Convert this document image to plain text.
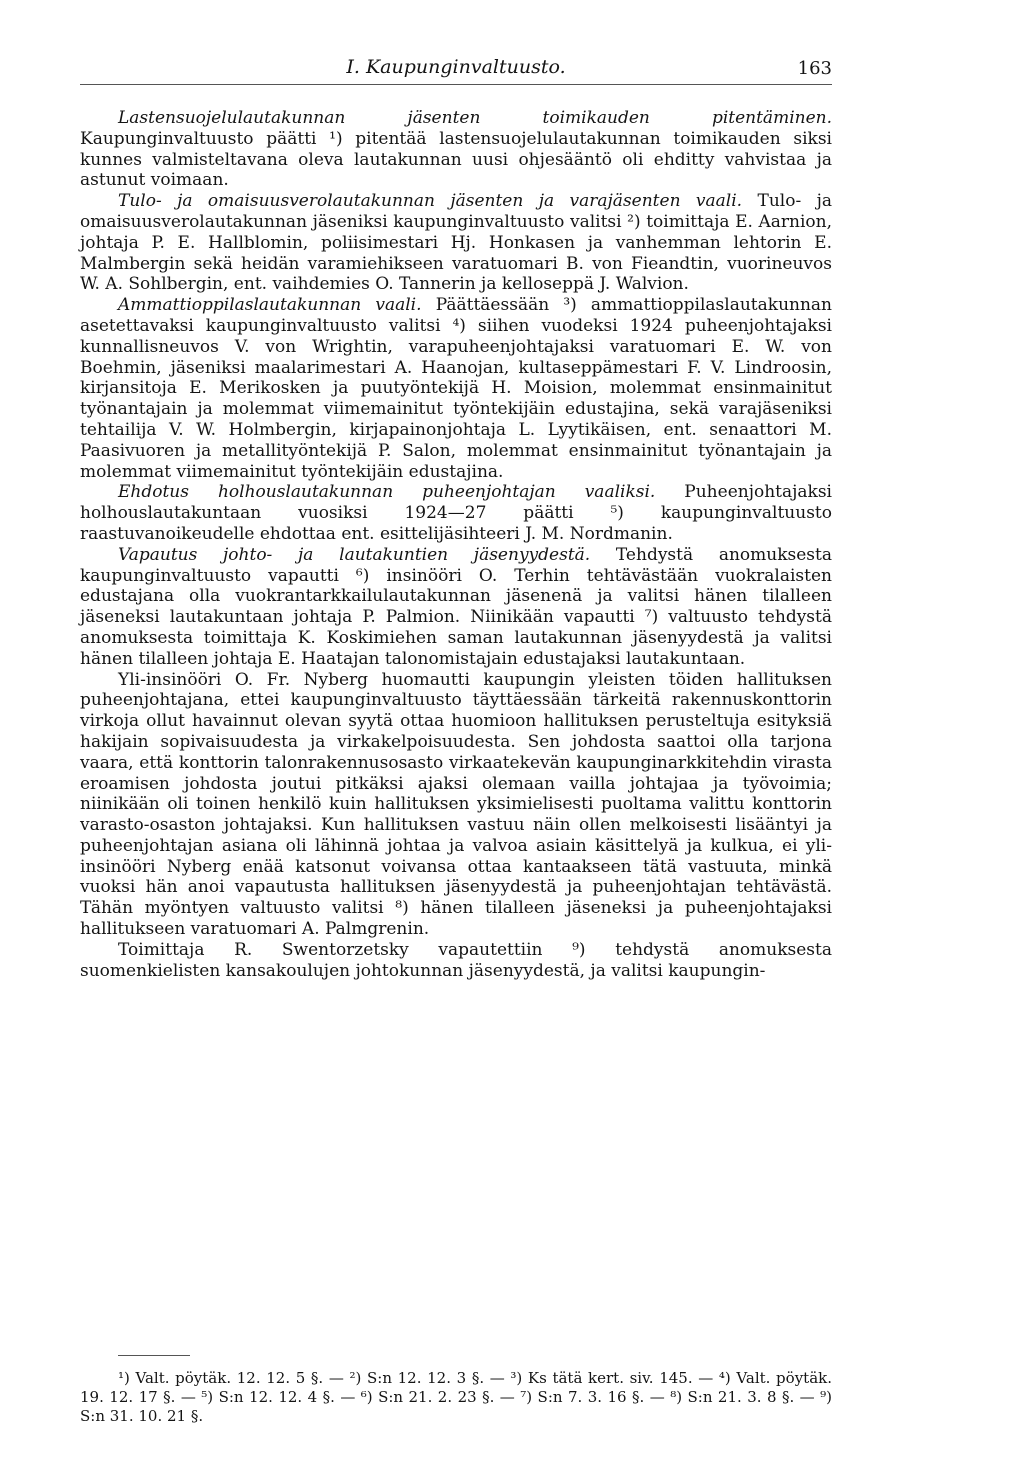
I. Kaupunginvaltuusto.	163

Lastensuojelulautakunnan jäsenten toimikauden pitentäminen. Kaupunginvaltuusto päätti ¹) pitentää lastensuojelulautakunnan toimikauden siksi kunnes valmisteltavana oleva lautakunnan uusi ohjesääntö oli ehditty vahvistaa ja astunut voimaan.

Tulo- ja omaisuusverolautakunnan jäsenten ja varajäsenten vaali. Tulo- ja omaisuusverolautakunnan jäseniksi kaupunginvaltuusto valitsi ²) toimittaja E. Aarnion, johtaja P. E. Hallblomin, poliisimestari Hj. Honkasen ja vanhemman lehtorin E. Malmbergin sekä heidän varamiehikseen varatuomari B. von Fieandtin, vuorineuvos W. A. Sohlbergin, ent. vaihdemies O. Tannerin ja kelloseppä J. Walvion.

Ammattioppilaslautakunnan vaali. Päättäessään ³) ammattioppilaslautakunnan asetettavaksi kaupunginvaltuusto valitsi ⁴) siihen vuodeksi 1924 puheenjohtajaksi kunnallisneuvos V. von Wrightin, varapuheenjohtajaksi varatuomari E. W. von Boehmin, jäseniksi maalarimestari A. Haanojan, kultaseppämestari F. V. Lindroosin, kirjansitoja E. Merikosken ja puutyöntekijä H. Moision, molemmat ensinmainitut työnantajain ja molemmat viimemainitut työntekijäin edustajina, sekä varajäseniksi tehtailija V. W. Holmbergin, kirjapainonjohtaja L. Lyytikäisen, ent. senaattori M. Paasivuoren ja metallityöntekijä P. Salon, molemmat ensinmainitut työnantajain ja molemmat viimemainitut työntekijäin edustajina.

Ehdotus holhouslautakunnan puheenjohtajan vaaliksi. Puheenjohtajaksi holhouslautakuntaan vuosiksi 1924—27 päätti ⁵) kaupunginvaltuusto raastuvanoikeudelle ehdottaa ent. esittelijäsihteeri J. M. Nordmanin.

Vapautus johto- ja lautakuntien jäsenyydestä. Tehdystä anomuksesta kaupunginvaltuusto vapautti ⁶) insinööri O. Terhin tehtävästään vuokralaisten edustajana olla vuokrantarkkailulautakunnan jäsenenä ja valitsi hänen tilalleen jäseneksi lautakuntaan johtaja P. Palmion. Niinikään vapautti ⁷) valtuusto tehdystä anomuksesta toimittaja K. Koskimiehen saman lautakunnan jäsenyydestä ja valitsi hänen tilalleen johtaja E. Haatajan talonomistajain edustajaksi lautakuntaan.

Yli-insinööri O. Fr. Nyberg huomautti kaupungin yleisten töiden hallituksen puheenjohtajana, ettei kaupunginvaltuusto täyttäessään tärkeitä rakennuskonttorin virkoja ollut havainnut olevan syytä ottaa huomioon hallituksen perusteltuja esityksiä hakijain sopivaisuudesta ja virkakelpoisuudesta. Sen johdosta saattoi olla tarjona vaara, että konttorin talonrakennusosasto virkaatekevän kaupunginarkkitehdin virasta eroamisen johdosta joutui pitkäksi ajaksi olemaan vailla johtajaa ja työvoimia; niinikään oli toinen henkilö kuin hallituksen yksimielisesti puoltama valittu konttorin varasto-osaston johtajaksi. Kun hallituksen vastuu näin ollen melkoisesti lisääntyi ja puheenjohtajan asiana oli lähinnä johtaa ja valvoa asiain käsittelyä ja kulkua, ei yli-insinööri Nyberg enää katsonut voivansa ottaa kantaakseen tätä vastuuta, minkä vuoksi hän anoi vapautusta hallituksen jäsenyydestä ja puheenjohtajan tehtävästä. Tähän myöntyen valtuusto valitsi ⁸) hänen tilalleen jäseneksi ja puheenjohtajaksi hallitukseen varatuomari A. Palmgrenin.

Toimittaja R. Swentorzetsky vapautettiin ⁹) tehdystä anomuksesta suomenkielisten kansakoulujen johtokunnan jäsenyydestä, ja valitsi kaupungin-

¹) Valt. pöytäk. 12. 12. 5 §. — ²) S:n 12. 12. 3 §. — ³) Ks tätä kert. siv. 145. — ⁴) Valt. pöytäk. 19. 12. 17 §. — ⁵) S:n 12. 12. 4 §. — ⁶) S:n 21. 2. 23 §. — ⁷) S:n 7. 3. 16 §. — ⁸) S:n 21. 3. 8 §. — ⁹) S:n 31. 10. 21 §.
